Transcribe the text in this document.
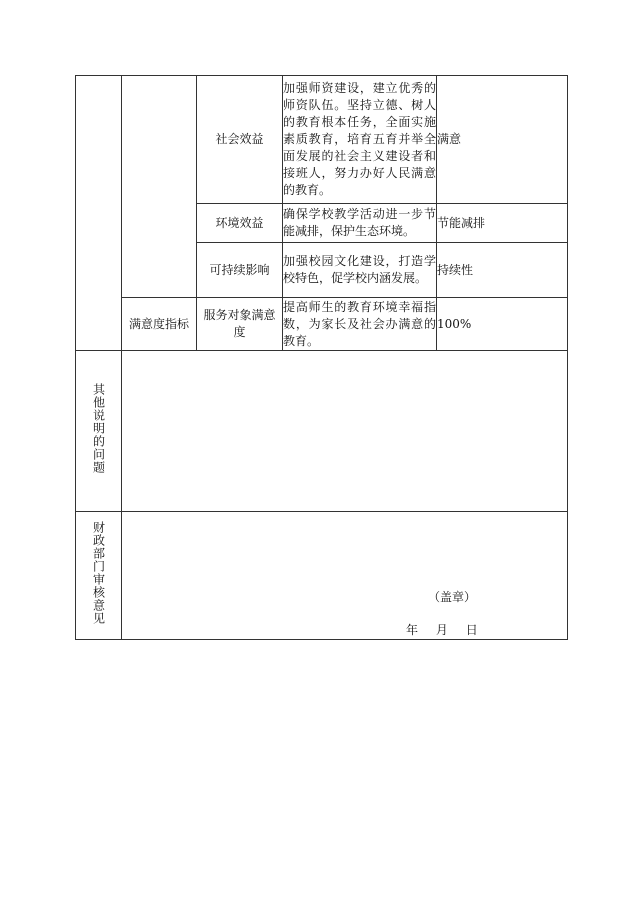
		社会效益	加强师资建设，建立优秀的师资队伍。坚持立德、树人的教育根本任务，全面实施素质教育，培育五育并举全面发展的社会主义建设者和接班人，努力办好人民满意的教育。	满意
		环境效益	确保学校教学活动进一步节能减排，保护生态环境。	节能减排
		可持续影响	加强校园文化建设，打造学校特色，促学校内涵发展。	持续性
	满意度指标	服务对象满意度	提高师生的教育环境幸福指数，为家长及社会办满意的教育。	100%
其他说明的问题				
财政部门审核意见	（盖章）
年 月 日			
